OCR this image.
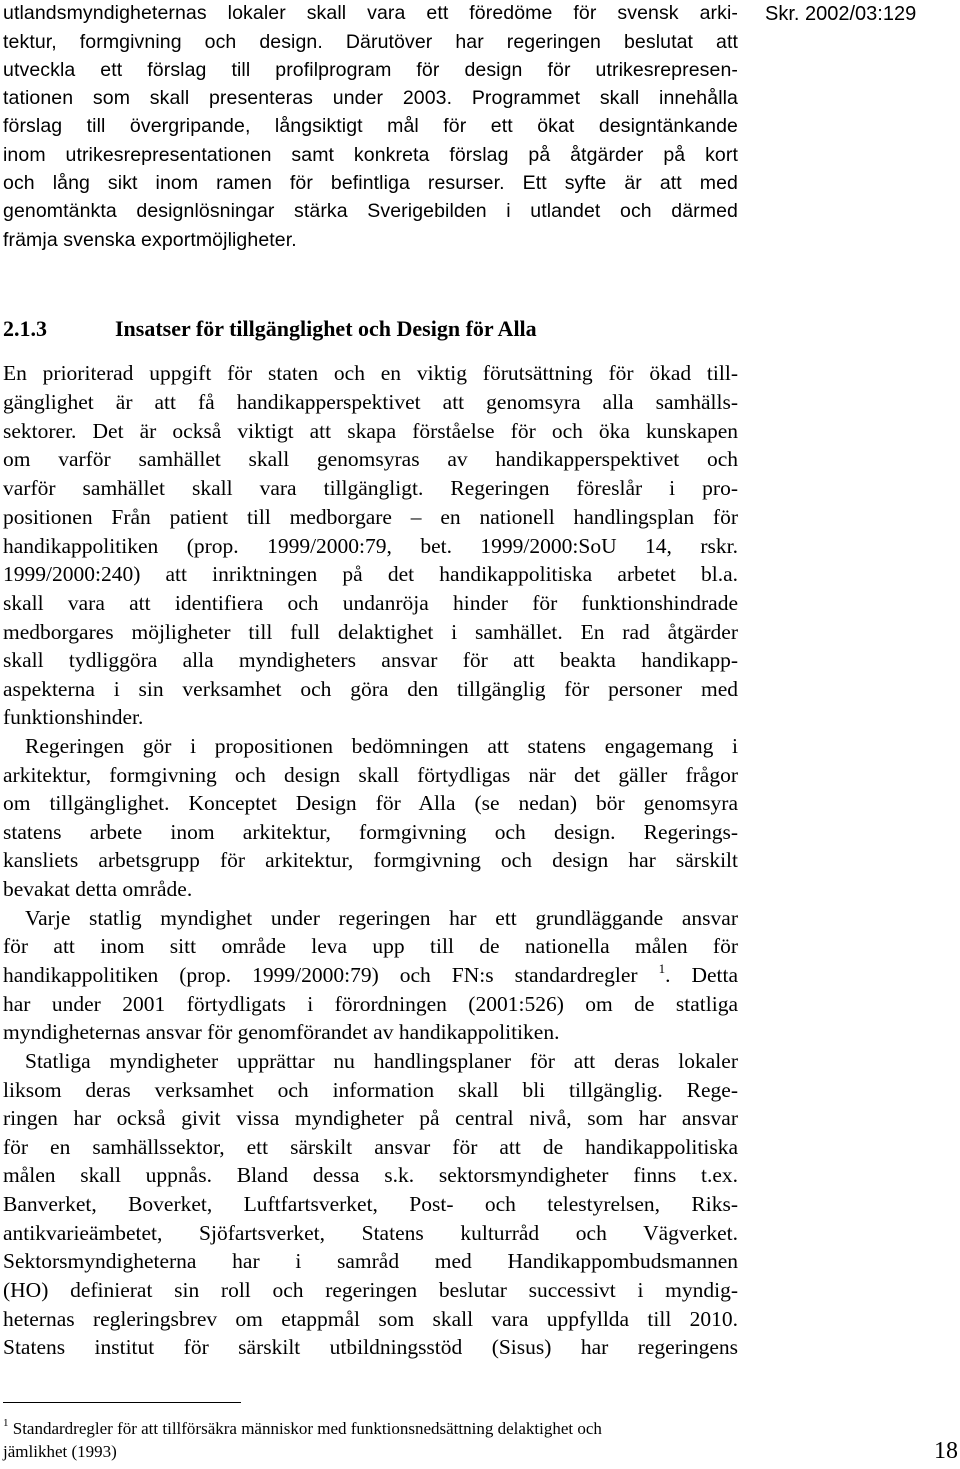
Skr. 2002/03:129
utlandsmyndigheternas lokaler skall vara ett föredöme för svensk arki-
tektur, formgivning och design. Därutöver har regeringen beslutat att
utveckla ett förslag till profilprogram för design för utrikesrepresen-
tationen som skall presenteras under 2003. Programmet skall innehålla
förslag till övergripande, långsiktigt mål för ett ökat designtänkande
inom utrikesrepresentationen samt konkreta förslag på åtgärder på kort
och lång sikt inom ramen för befintliga resurser. Ett syfte är att med
genomtänkta designlösningar stärka Sverigebilden i utlandet och därmed
främja svenska exportmöjligheter.
2.1.3	Insatser för tillgänglighet och Design för Alla
En prioriterad uppgift för staten och en viktig förutsättning för ökad till-
gänglighet är att få handikapperspektivet att genomsyra alla samhälls-
sektorer. Det är också viktigt att skapa förståelse för och öka kunskapen
om varför samhället skall genomsyras av handikapperspektivet och
varför samhället skall vara tillgängligt. Regeringen föreslår i pro-
positionen Från patient till medborgare – en nationell handlingsplan för
handikappolitiken (prop. 1999/2000:79, bet. 1999/2000:SoU 14, rskr.
1999/2000:240) att inriktningen på det handikappolitiska arbetet bl.a.
skall vara att identifiera och undanröja hinder för funktionshindrade
medborgares möjligheter till full delaktighet i samhället. En rad åtgärder
skall tydliggöra alla myndigheters ansvar för att beakta handikapp-
aspekterna i sin verksamhet och göra den tillgänglig för personer med
funktionshinder.
Regeringen gör i propositionen bedömningen att statens engagemang i
arkitektur, formgivning och design skall förtydligas när det gäller frågor
om tillgänglighet. Konceptet Design för Alla (se nedan) bör genomsyra
statens arbete inom arkitektur, formgivning och design. Regerings-
kansliets arbetsgrupp för arkitektur, formgivning och design har särskilt
bevakat detta område.
Varje statlig myndighet under regeringen har ett grundläggande ansvar
för att inom sitt område leva upp till de nationella målen för
handikappolitiken (prop. 1999/2000:79) och FN:s standardregler $^1$. Detta
har under 2001 förtydligats i förordningen (2001:526) om de statliga
myndigheternas ansvar för genomförandet av handikappolitiken.
Statliga myndigheter upprättar nu handlingsplaner för att deras lokaler
liksom deras verksamhet och information skall bli tillgänglig. Rege-
ringen har också givit vissa myndigheter på central nivå, som har ansvar
för en samhällssektor, ett särskilt ansvar för att de handikappolitiska
målen skall uppnås. Bland dessa s.k. sektorsmyndigheter finns t.ex.
Banverket, Boverket, Luftfartsverket, Post- och telestyrelsen, Riks-
antikvarieämbetet, Sjöfartsverket, Statens kulturråd och Vägverket.
Sektorsmyndigheterna har i samråd med Handikappombudsmannen
(HO) definierat sin roll och regeringen beslutar successivt i myndig-
heternas regleringsbrev om etappmål som skall vara uppfyllda till 2010.
Statens institut för särskilt utbildningsstöd (Sisus) har regeringens
$^1$ Standardregler för att tillförsäkra människor med funktionsnedsättning delaktighet och
jämlikhet (1993)	18
